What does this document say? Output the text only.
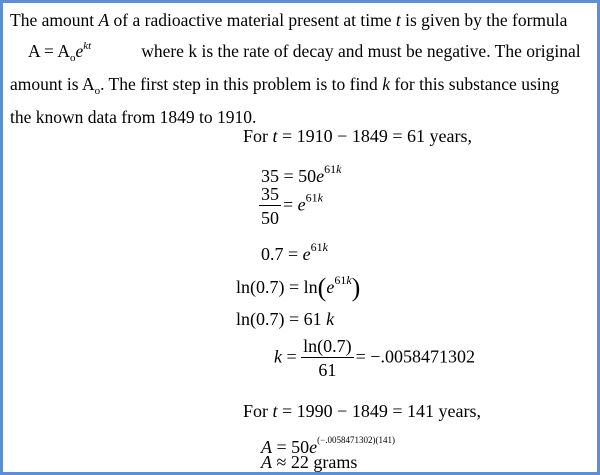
The amount A of a radioactive material present at time t is given by the formula
$A = A_oe^{kt}$	where k is the rate of decay and must be negative. The original
amount is $A_o$. The first step in this problem is to find k for this substance using
the known data from 1849 to 1910.
For t = 1910 − 1849 = 61 years,
$35 = 50e^{61k}$
$\frac{35}{50} = e^{61k}$
$0.7 = e^{61k}$
$\ln(0.7) = \ln(e^{61k})$
ln(0.7) = 61 k
$k = \frac{\ln(0.7)}{61} = -.0058471302$
For t = 1990 − 1849 = 141 years,
$A = 50e^{(-.0058471302)(141)}$
A ≈ 22 grams
